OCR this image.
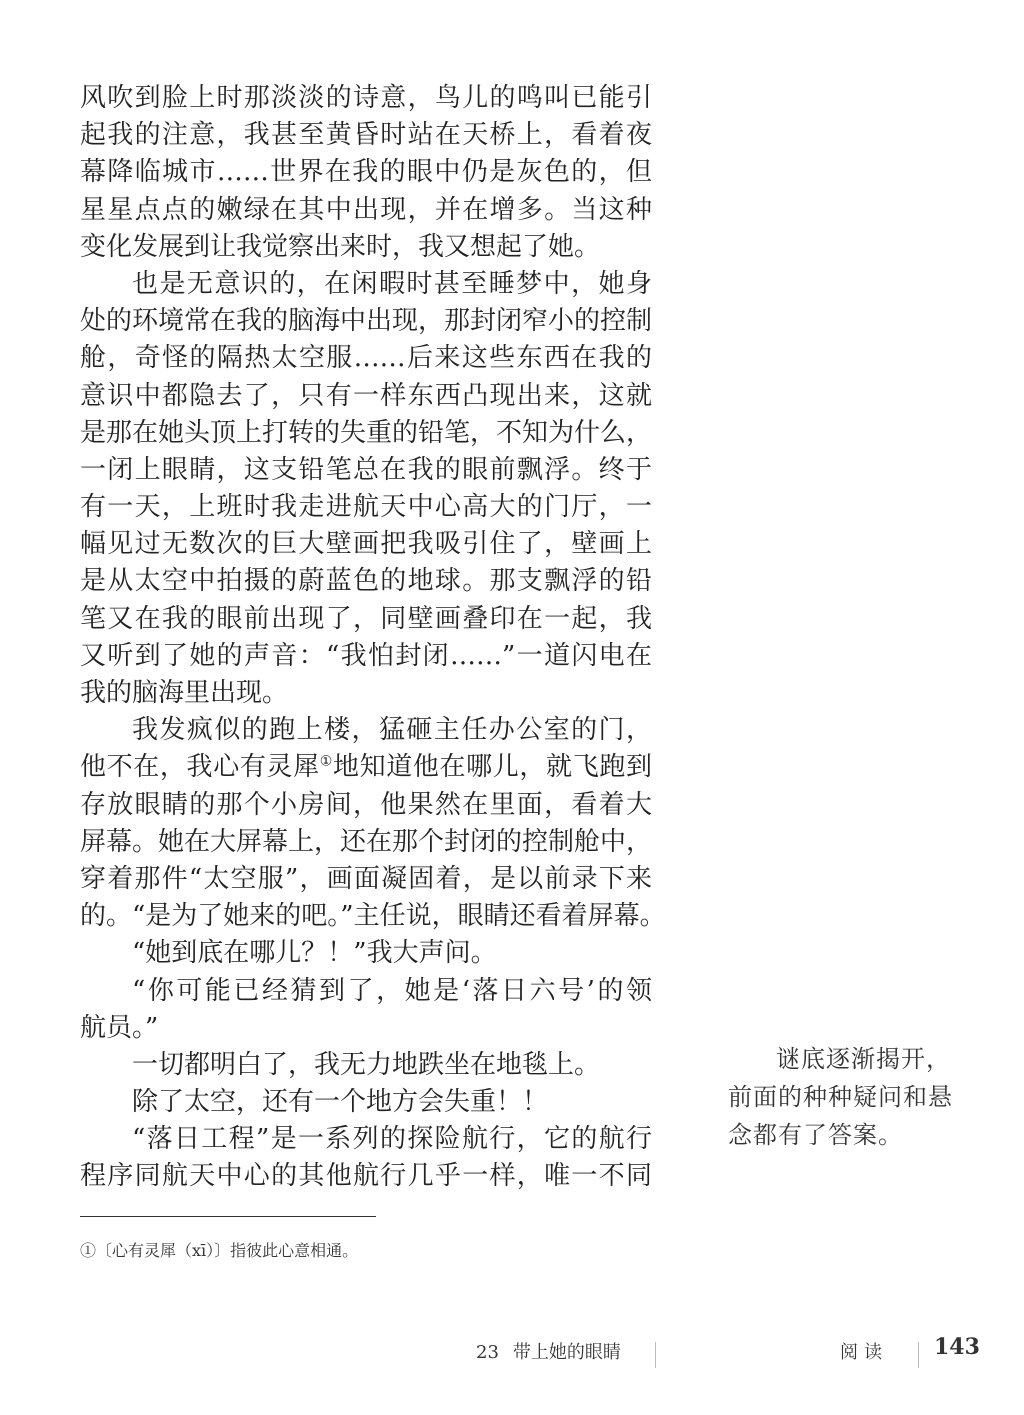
风吹到脸上时那淡淡的诗意，鸟儿的鸣叫已能引
起我的注意，我甚至黄昏时站在天桥上，看着夜
幕降临城市……世界在我的眼中仍是灰色的，但
星星点点的嫩绿在其中出现，并在增多。当这种
变化发展到让我觉察出来时，我又想起了她。
也是无意识的，在闲暇时甚至睡梦中，她身
处的环境常在我的脑海中出现，那封闭窄小的控制
舱，奇怪的隔热太空服……后来这些东西在我的
意识中都隐去了，只有一样东西凸现出来，这就
是那在她头顶上打转的失重的铅笔，不知为什么，
一闭上眼睛，这支铅笔总在我的眼前飘浮。终于
有一天，上班时我走进航天中心高大的门厅，一
幅见过无数次的巨大壁画把我吸引住了，壁画上
是从太空中拍摄的蔚蓝色的地球。那支飘浮的铅
笔又在我的眼前出现了，同壁画叠印在一起，我
又听到了她的声音：“我怕封闭……”一道闪电在
我的脑海里出现。
我发疯似的跑上楼，猛砸主任办公室的门，
他不在，我心有灵犀①地知道他在哪儿，就飞跑到
存放眼睛的那个小房间，他果然在里面，看着大
屏幕。她在大屏幕上，还在那个封闭的控制舱中，
穿着那件“太空服”，画面凝固着，是以前录下来
的。“是为了她来的吧。”主任说，眼睛还看着屏幕。
“她到底在哪儿？！”我大声问。
“你可能已经猜到了，她是‘落日六号’的领
航员。”
一切都明白了，我无力地跌坐在地毯上。
除了太空，还有一个地方会失重！！
“落日工程”是一系列的探险航行，它的航行
程序同航天中心的其他航行几乎一样，唯一不同
谜底逐渐揭开，
前面的种种疑问和悬
念都有了答案。
①〔心有灵犀（xī）〕指彼此心意相通。
23 带上她的眼睛	阅读 143
